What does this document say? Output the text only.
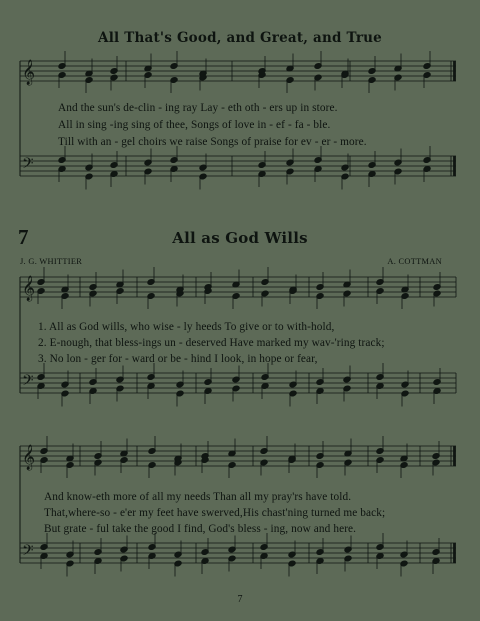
𝄞
𝄢
𝄞
𝄢
𝄞
𝄢
All That's Good, and Great, and True
And the sun's de-clin - ing ray Lay - eth oth - ers up in store.
All in sing -ing sing of thee, Songs of love in - ef - fa - ble.
Till with an - gel choirs we raise Songs of praise for ev - er - more.
7	All as God Wills
J. G. WHITTIER	A. COTTMAN
1. All as God wills, who wise - ly heeds To give or to with-hold,
2. E-nough, that bless-ings un - deserved Have marked my wav-'ring track;
3. No lon - ger for - ward or be - hind I look, in hope or fear,
And know-eth more of all my needs Than all my pray'rs have told.
That,where-so - e'er my feet have swerved,His chast'ning turned me back;
But grate - ful take the good I find, God's bless - ing, now and here.
7
